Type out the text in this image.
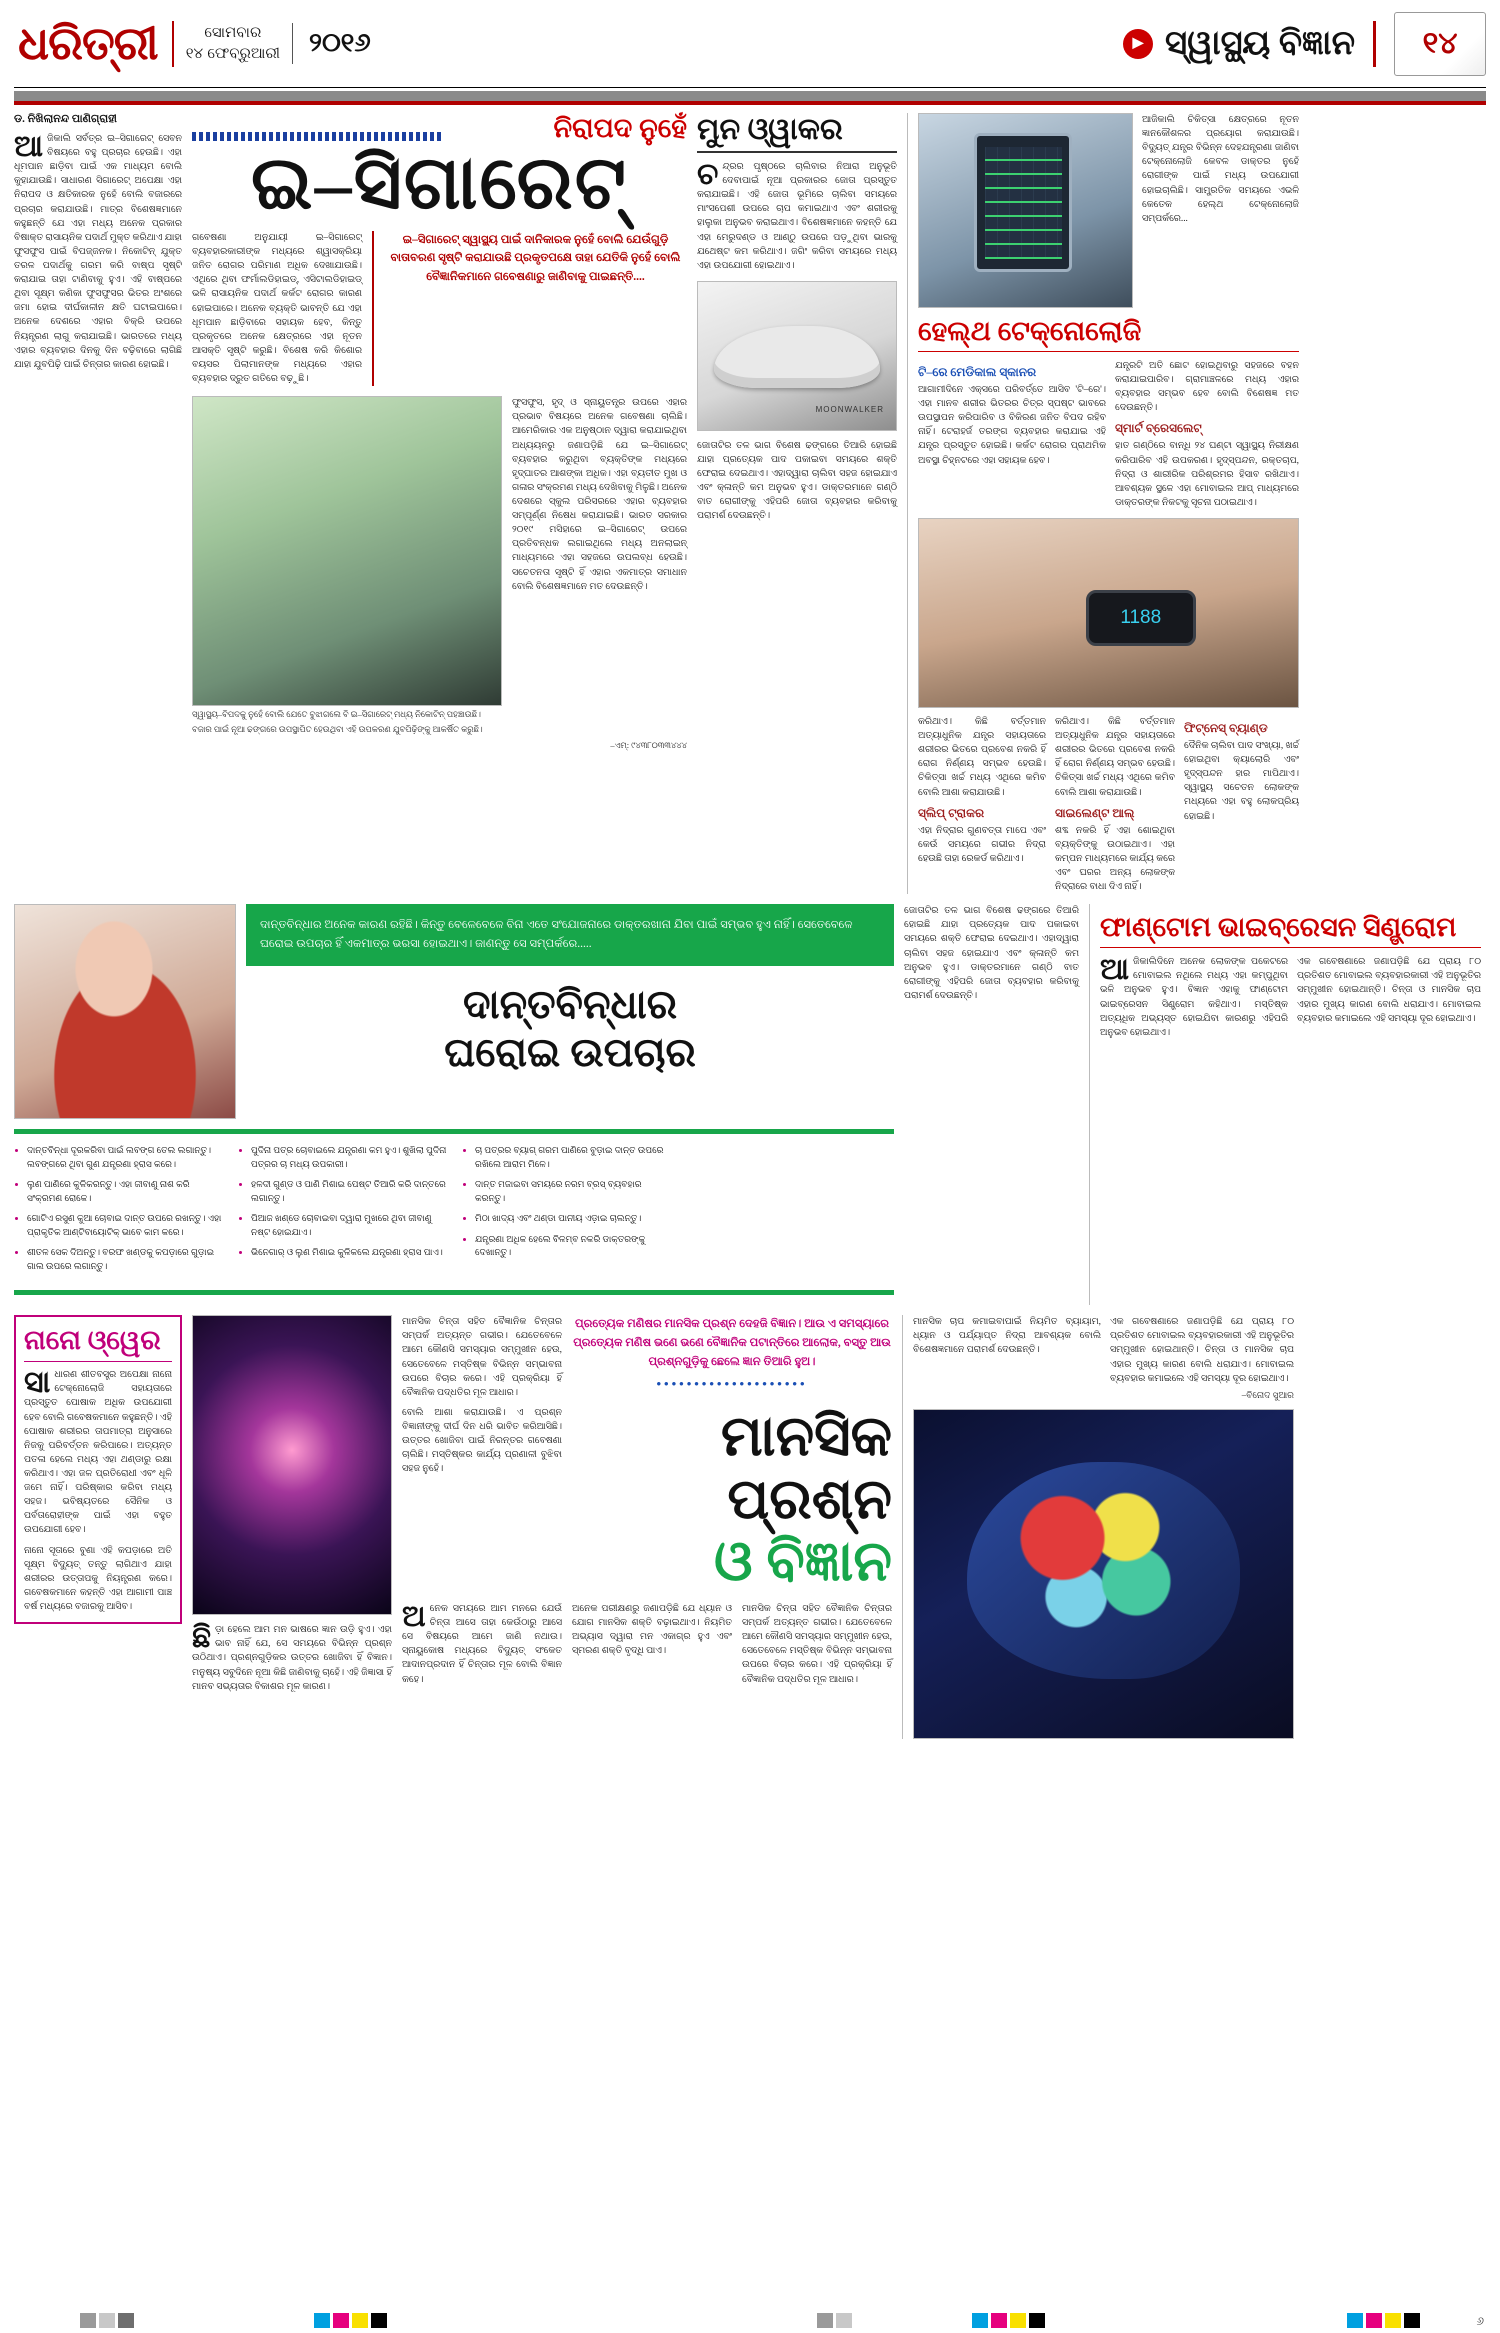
ଧରିତ୍ରୀ	ସୋମବାର
୧୪ ଫେବ୍ରୁଆରୀ	୨୦୧୬	▶ ସ୍ୱାସ୍ଥ୍ୟ ବିଜ୍ଞାନ	୧୪
ଡ. ନିଖିଲାନନ୍ଦ ପାଣିଗ୍ରାହୀ
ଆଜିକାଲି ସର୍ବତ୍ର ଇ–ସିଗାରେଟ୍ ସେବନ ବିଷୟରେ ବହୁ ପ୍ରଚାର ହେଉଛି। ଏହା ଧୂମପାନ ଛାଡ଼ିବା ପାଇଁ ଏକ ମାଧ୍ୟମ ବୋଲି କୁହାଯାଉଛି। ସାଧାରଣ ସିଗାରେଟ୍ ଅପେକ୍ଷା ଏହା ନିରାପଦ ଓ କ୍ଷତିକାରକ ନୁହେଁ ବୋଲି ବଜାରରେ ପ୍ରଚାର କରାଯାଉଛି। ମାତ୍ର ବିଶେଷଜ୍ଞମାନେ କହୁଛନ୍ତି ଯେ ଏହା ମଧ୍ୟ ଅନେକ ପ୍ରକାର ବିଷାକ୍ତ ରାସାୟନିକ ପଦାର୍ଥ ମୁକ୍ତ କରିଥାଏ ଯାହା ଫୁସଫୁସ ପାଇଁ ବିପଜ୍ଜନକ। ନିକୋଟିନ୍ ଯୁକ୍ତ ତରଳ ପଦାର୍ଥକୁ ଗରମ କରି ବାଷ୍ପ ସୃଷ୍ଟି କରାଯାଇ ତାହା ଟାଣିବାକୁ ହୁଏ। ଏହି ବାଷ୍ପରେ ଥିବା ସୂକ୍ଷ୍ମ କଣିକା ଫୁସଫୁସର ଭିତର ଅଂଶରେ ଜମା ହୋଇ ଦୀର୍ଘକାଳୀନ କ୍ଷତି ଘଟାଇପାରେ। ଅନେକ ଦେଶରେ ଏହାର ବିକ୍ରି ଉପରେ ନିୟନ୍ତ୍ରଣ ଲାଗୁ କରାଯାଇଛି। ଭାରତରେ ମଧ୍ୟ ଏହାର ବ୍ୟବହାର ଦିନକୁ ଦିନ ବଢ଼ିବାରେ ଲାଗିଛି ଯାହା ଯୁବପିଢ଼ି ପାଇଁ ଚିନ୍ତାର କାରଣ ହୋଇଛି।
ନିରାପଦ ନୁହେଁ
ଇ–ସିଗାରେଟ୍
ଗବେଷଣା ଅନୁଯାୟୀ ଇ–ସିଗାରେଟ୍ ବ୍ୟବହାରକାରୀଙ୍କ ମଧ୍ୟରେ ଶ୍ୱାସକ୍ରିୟା ଜନିତ ରୋଗର ପରିମାଣ ଅଧିକ ଦେଖାଯାଉଛି। ଏଥିରେ ଥିବା ଫର୍ମାଲଡିହାଇଡ୍, ଏସିଟାଲଡିହାଇଡ୍ ଭଳି ରାସାୟନିକ ପଦାର୍ଥ କର୍କଟ ରୋଗର କାରଣ ହୋଇପାରେ। ଅନେକ ବ୍ୟକ୍ତି ଭାବନ୍ତି ଯେ ଏହା ଧୂମପାନ ଛାଡ଼ିବାରେ ସହାୟକ ହେବ, କିନ୍ତୁ ପ୍ରକୃତରେ ଅନେକ କ୍ଷେତ୍ରରେ ଏହା ନୂତନ ଆସକ୍ତି ସୃଷ୍ଟି କରୁଛି। ବିଶେଷ କରି କିଶୋର ବୟସର ପିଲାମାନଙ୍କ ମଧ୍ୟରେ ଏହାର ବ୍ୟବହାର ଦ୍ରୁତ ଗତିରେ ବଢ଼ୁଛି।
ଇ–ସିଗାରେଟ୍ ସ୍ୱାସ୍ଥ୍ୟ ପାଇଁ ଦାନିକାରକ ନୁହେଁ ବୋଲି ଯେଉଁଗୁଡ଼ି ବାତାବରଣ ସୃଷ୍ଟି କରାଯାଉଛି ପ୍ରକୃତପକ୍ଷେ ତାହା ଯେତିକି ନୁହେଁ ବୋଲି ବୈଜ୍ଞାନିକମାନେ ଗବେଷଣାରୁ ଜାଣିବାକୁ ପାଇଛନ୍ତି....
ସ୍ୱାସ୍ଥ୍ୟ–ବିପଦକୁ ନୁହେଁ ବୋଲି ଯେତେ ବୁଝାଗଲେ ବି ଇ–ସିଗାରେଟ୍ ମଧ୍ୟ ନିକୋଟିନ୍ ପହଞ୍ଚାଉଛି।
ଫୁସଫୁସ, ହୃଦ୍ ଓ ସ୍ନାୟୁତନ୍ତ୍ର ଉପରେ ଏହାର ପ୍ରଭାବ ବିଷୟରେ ଅନେକ ଗବେଷଣା ଚାଲିଛି। ଆମେରିକାର ଏକ ଅନୁଷ୍ଠାନ ଦ୍ୱାରା କରାଯାଇଥିବା ଅଧ୍ୟୟନରୁ ଜଣାପଡ଼ିଛି ଯେ ଇ–ସିଗାରେଟ୍ ବ୍ୟବହାର କରୁଥିବା ବ୍ୟକ୍ତିଙ୍କ ମଧ୍ୟରେ ହୃଦ୍‌ଘାତର ଆଶଙ୍କା ଅଧିକ। ଏହା ବ୍ୟତୀତ ମୁଖ ଓ ଗଳାର ସଂକ୍ରମଣ ମଧ୍ୟ ଦେଖିବାକୁ ମିଳୁଛି। ଅନେକ ଦେଶରେ ସ୍କୁଲ ପରିସରରେ ଏହାର ବ୍ୟବହାର ସମ୍ପୂର୍ଣ୍ଣ ନିଷେଧ କରାଯାଇଛି। ଭାରତ ସରକାର ୨୦୧୯ ମସିହାରେ ଇ–ସିଗାରେଟ୍ ଉପରେ ପ୍ରତିବନ୍ଧକ ଲଗାଇଥିଲେ ମଧ୍ୟ ଅନଲାଇନ୍ ମାଧ୍ୟମରେ ଏହା ସହଜରେ ଉପଲବ୍ଧ ହେଉଛି। ସଚେତନତା ସୃଷ୍ଟି ହିଁ ଏହାର ଏକମାତ୍ର ସମାଧାନ ବୋଲି ବିଶେଷଜ୍ଞମାନେ ମତ ଦେଉଛନ୍ତି।
ବଜାର ପାଇଁ ନୂଆ ଢଙ୍ଗରେ ଉପସ୍ଥାପିତ ହେଉଥିବା ଏହି ଉପକରଣ ଯୁବପିଢ଼ିଙ୍କୁ ଆକର୍ଷିତ କରୁଛି।
–ଏମ୍: ୯୪୩୮୦୩୩୪୪୪
ମୁନ ଓ୍ୱାକର
ଚନ୍ଦ୍ରର ପୃଷ୍ଠରେ ଚାଲିବାର ନିଆରା ଅନୁଭୂତି ଦେବାପାଇଁ ନୂଆ ପ୍ରକାରର ଜୋତା ପ୍ରସ୍ତୁତ କରାଯାଇଛି। ଏହି ଜୋତା ଭୂମିରେ ଚାଲିବା ସମୟରେ ମାଂସପେଶୀ ଉପରେ ଚାପ କମାଇଥାଏ ଏବଂ ଶରୀରକୁ ହାଲୁକା ଅନୁଭବ କରାଇଥାଏ। ବିଶେଷଜ୍ଞମାନେ କହନ୍ତି ଯେ ଏହା ମେରୁଦଣ୍ଡ ଓ ଆଣ୍ଠୁ ଉପରେ ପଡ଼ୁଥିବା ଭାରକୁ ଯଥେଷ୍ଟ କମ କରିଥାଏ। ଜଗିଂ କରିବା ସମୟରେ ମଧ୍ୟ ଏହା ଉପଯୋଗୀ ହୋଇଥାଏ।
MOONWALKER
ଜୋତାଟିର ତଳ ଭାଗ ବିଶେଷ ଢଙ୍ଗରେ ତିଆରି ହୋଇଛି ଯାହା ପ୍ରତ୍ୟେକ ପାଦ ପକାଇବା ସମୟରେ ଶକ୍ତି ଫେରାଇ ଦେଇଥାଏ। ଏହାଦ୍ୱାରା ଚାଲିବା ସହଜ ହୋଇଯାଏ ଏବଂ କ୍ଳାନ୍ତି କମ ଅନୁଭବ ହୁଏ। ଡାକ୍ତରମାନେ ଗଣ୍ଠି ବାତ ରୋଗୀଙ୍କୁ ଏହିପରି ଜୋତା ବ୍ୟବହାର କରିବାକୁ ପରାମର୍ଶ ଦେଉଛନ୍ତି।
ଆଜିକାଲି ଚିକିତ୍ସା କ୍ଷେତ୍ରରେ ନୂତନ ଜ୍ଞାନକୌଶଳର ପ୍ରୟୋଗ କରାଯାଉଛି। ବିଦ୍ୟୁତ୍ ଯନ୍ତ୍ର ବିଭିନ୍ନ ଦେହଯନ୍ତ୍ରଣା ଜାଣିବା ଟେକ୍ନୋଲୋଜି କେବଳ ଡାକ୍ତର ନୁହେଁ ରୋଗୀଙ୍କ ପାଇଁ ମଧ୍ୟ ଉପଯୋଗୀ ହୋଇଚାଲିଛି। ସାମ୍ପ୍ରତିକ ସମୟରେ ଏଭଳି କେତେକ ହେଲ୍‌ଥ ଟେକ୍ନୋଲୋଜି ସମ୍ପର୍କରେ...
ହେଲ୍‌ଥ ଟେକ୍ନୋଲୋଜି
ଟି–ରେ ମେଡିକାଲ ସ୍କାନର
ଆଗାମୀଦିନେ ଏକ୍ସରେ ପରିବର୍ତ୍ତେ ଆସିବ 'ଟି–ରେ'। ଏହା ମାନବ ଶରୀର ଭିତରର ଚିତ୍ର ସ୍ପଷ୍ଟ ଭାବରେ ଉପସ୍ଥାପନ କରିପାରିବ ଓ ବିକିରଣ ଜନିତ ବିପଦ ରହିବ ନାହିଁ। ଟେରାହର୍ଜ ତରଙ୍ଗ ବ୍ୟବହାର କରାଯାଇ ଏହି ଯନ୍ତ୍ର ପ୍ରସ୍ତୁତ ହୋଇଛି। କର୍କଟ ରୋଗର ପ୍ରାଥମିକ ଅବସ୍ଥା ଚିହ୍ନଟରେ ଏହା ସହାୟକ ହେବ।
ଯନ୍ତ୍ରଟି ଅତି ଛୋଟ ହୋଇଥିବାରୁ ସହଜରେ ବହନ କରାଯାଇପାରିବ। ଗ୍ରାମାଞ୍ଚଳରେ ମଧ୍ୟ ଏହାର ବ୍ୟବହାର ସମ୍ଭବ ହେବ ବୋଲି ବିଶେଷଜ୍ଞ ମତ ଦେଉଛନ୍ତି।
ସ୍ମାର୍ଟ ବ୍ରେସଲେଟ୍
ହାତ ଗଣ୍ଠିରେ ବାନ୍ଧି ୨୪ ଘଣ୍ଟା ସ୍ୱାସ୍ଥ୍ୟ ନିରୀକ୍ଷଣ କରିପାରିବ ଏହି ଉପକରଣ। ହୃଦ୍‌ସ୍ପନ୍ଦନ, ରକ୍ତଚାପ, ନିଦ୍ରା ଓ ଶାରୀରିକ ପରିଶ୍ରମର ହିସାବ ରଖିଥାଏ। ଆବଶ୍ୟକ ସ୍ଥଳେ ଏହା ମୋବାଇଲ ଆପ୍ ମାଧ୍ୟମରେ ଡାକ୍ତରଙ୍କ ନିକଟକୁ ସୂଚନା ପଠାଇଥାଏ।
1188
କରିଥାଏ। କିଛି ବର୍ତ୍ତମାନ ଅତ୍ୟାଧୁନିକ ଯନ୍ତ୍ର ସହାୟତାରେ ଶରୀରର ଭିତରେ ପ୍ରବେଶ ନକରି ହିଁ ରୋଗ ନିର୍ଣ୍ଣୟ ସମ୍ଭବ ହେଉଛି। ଚିକିତ୍ସା ଖର୍ଚ୍ଚ ମଧ୍ୟ ଏଥିରେ କମିବ ବୋଲି ଆଶା କରାଯାଉଛି।
ସ୍ଲିପ୍ ଟ୍ରାକର
ଏହା ନିଦ୍ରାର ଗୁଣବତ୍ତା ମାପେ ଏବଂ କେଉଁ ସମୟରେ ଗଭୀର ନିଦ୍ରା ହେଉଛି ତାହା ରେକର୍ଡ କରିଥାଏ।
କରିଥାଏ। କିଛି ବର୍ତ୍ତମାନ ଅତ୍ୟାଧୁନିକ ଯନ୍ତ୍ର ସହାୟତାରେ ଶରୀରର ଭିତରେ ପ୍ରବେଶ ନକରି ହିଁ ରୋଗ ନିର୍ଣ୍ଣୟ ସମ୍ଭବ ହେଉଛି। ଚିକିତ୍ସା ଖର୍ଚ୍ଚ ମଧ୍ୟ ଏଥିରେ କମିବ ବୋଲି ଆଶା କରାଯାଉଛି।
ସାଇଲେଣ୍ଟ ଆଲ୍‌
ଶବ୍ଦ ନକରି ହିଁ ଏହା ଶୋଇଥିବା ବ୍ୟକ୍ତିଙ୍କୁ ଉଠାଇଥାଏ। ଏହା କମ୍ପନ ମାଧ୍ୟମରେ କାର୍ଯ୍ୟ କରେ ଏବଂ ଘରର ଅନ୍ୟ ଲୋକଙ୍କ ନିଦ୍ରାରେ ବାଧା ଦିଏ ନାହିଁ।
ଫିଟ୍‌ନେସ୍ ବ୍ୟାଣ୍ଡ
ଦୈନିକ ଚାଲିବା ପାଦ ସଂଖ୍ୟା, ଖର୍ଚ୍ଚ ହୋଇଥିବା କ୍ୟାଲୋରି ଏବଂ ହୃଦ୍‌ସ୍ପନ୍ଦନ ହାର ମାପିଥାଏ। ସ୍ୱାସ୍ଥ୍ୟ ସଚେତନ ଲୋକଙ୍କ ମଧ୍ୟରେ ଏହା ବହୁ ଲୋକପ୍ରିୟ ହୋଇଛି।
ଦାନ୍ତବିନ୍ଧାର ଅନେକ କାରଣ ରହିଛି। କିନ୍ତୁ ବେଳେବେଳେ ବିନା ଏତେ ସଂଯୋଜନାରେ ଡାକ୍ତରଖାନା ଯିବା ପାଇଁ ସମ୍ଭବ ହୁଏ ନାହିଁ। ସେତେବେଳେ ଘରୋଇ ଉପଚାର ହିଁ ଏକମାତ୍ର ଭରସା ହୋଇଥାଏ। ଜାଣନ୍ତୁ ସେ ସମ୍ପର୍କରେ.....
ଦାନ୍ତବିନ୍ଧାର
ଘରୋଇ ଉପଚାର
• ଦାନ୍ତବିନ୍ଧା ଦୂରକରିବା ପାଇଁ ଲବଙ୍ଗ ତେଲ ଲଗାନ୍ତୁ। ଲବଙ୍ଗରେ ଥିବା ଗୁଣ ଯନ୍ତ୍ରଣା ହ୍ରାସ କରେ।
• ଲୁଣ ପାଣିରେ କୁଳିକରନ୍ତୁ। ଏହା ଜୀବାଣୁ ନାଶ କରି ସଂକ୍ରମଣ ରୋକେ।
• ଗୋଟିଏ ରସୁଣ କୁଆ ଚୋବାଇ ଦାନ୍ତ ଉପରେ ରଖନ୍ତୁ। ଏହା ପ୍ରାକୃତିକ ଆଣ୍ଟିବାୟୋଟିକ୍ ଭାବେ କାମ କରେ।
• ଶୀତଳ ସେକ ଦିଅନ୍ତୁ। ବରଫ ଖଣ୍ଡକୁ କପଡ଼ାରେ ଗୁଡ଼ାଇ ଗାଲ ଉପରେ ଲଗାନ୍ତୁ।
• ପୁଦିନା ପତ୍ର ଚୋବାଇଲେ ଯନ୍ତ୍ରଣା କମ ହୁଏ। ଶୁଖିଲା ପୁଦିନା ପତ୍ରର ଚା ମଧ୍ୟ ଉପକାରୀ।
• ହଳଦୀ ଗୁଣ୍ଡ ଓ ପାଣି ମିଶାଇ ପେଷ୍ଟ ତିଆରି କରି ଦାନ୍ତରେ ଲଗାନ୍ତୁ।
• ପିଆଜ ଖଣ୍ଡେ ଚୋବାଇବା ଦ୍ୱାରା ମୁଖରେ ଥିବା ଜୀବାଣୁ ନଷ୍ଟ ହୋଇଯାଏ।
• ଭିନେଗାର୍ ଓ ଲୁଣ ମିଶାଇ କୁଳିକଲେ ଯନ୍ତ୍ରଣା ହ୍ରାସ ପାଏ।
• ଚା ପତ୍ରର ବ୍ୟାଗ୍ ଗରମ ପାଣିରେ ବୁଡ଼ାଇ ଦାନ୍ତ ଉପରେ ରଖିଲେ ଆରାମ ମିଳେ।
• ଦାନ୍ତ ମଜାଇବା ସମୟରେ ନରମ ବ୍ରସ୍ ବ୍ୟବହାର କରନ୍ତୁ।
• ମିଠା ଖାଦ୍ୟ ଏବଂ ଥଣ୍ଡା ପାନୀୟ ଏଡ଼ାଇ ଚାଲନ୍ତୁ।
• ଯନ୍ତ୍ରଣା ଅଧିକ ହେଲେ ବିଳମ୍ବ ନକରି ଡାକ୍ତରଙ୍କୁ ଦେଖାନ୍ତୁ।
ଜୋତାଟିର ତଳ ଭାଗ ବିଶେଷ ଢଙ୍ଗରେ ତିଆରି ହୋଇଛି ଯାହା ପ୍ରତ୍ୟେକ ପାଦ ପକାଇବା ସମୟରେ ଶକ୍ତି ଫେରାଇ ଦେଇଥାଏ। ଏହାଦ୍ୱାରା ଚାଲିବା ସହଜ ହୋଇଯାଏ ଏବଂ କ୍ଳାନ୍ତି କମ ଅନୁଭବ ହୁଏ। ଡାକ୍ତରମାନେ ଗଣ୍ଠି ବାତ ରୋଗୀଙ୍କୁ ଏହିପରି ଜୋତା ବ୍ୟବହାର କରିବାକୁ ପରାମର୍ଶ ଦେଉଛନ୍ତି।
ଫାଣ୍ଟୋମ ଭାଇବ୍ରେସନ ସିଣ୍ଡ୍ରୋମ
ଆଜିକାଲିଦିନେ ଅନେକ ଲୋକଙ୍କ ପକେଟରେ ମୋବାଇଲ ନଥିଲେ ମଧ୍ୟ ଏହା କମ୍ପୁଥିବା ଭଳି ଅନୁଭବ ହୁଏ। ବିଜ୍ଞାନ ଏହାକୁ ଫାଣ୍ଟୋମ ଭାଇବ୍ରେସନ ସିଣ୍ଡ୍ରୋମ କହିଥାଏ। ମସ୍ତିଷ୍କ ଅତ୍ୟଧିକ ଅଭ୍ୟସ୍ତ ହୋଇଯିବା କାରଣରୁ ଏହିପରି ଅନୁଭବ ହୋଇଥାଏ।
ଏକ ଗବେଷଣାରେ ଜଣାପଡ଼ିଛି ଯେ ପ୍ରାୟ ୮୦ ପ୍ରତିଶତ ମୋବାଇଲ ବ୍ୟବହାରକାରୀ ଏହି ଅନୁଭୂତିର ସମ୍ମୁଖୀନ ହୋଇଥାନ୍ତି। ଚିନ୍ତା ଓ ମାନସିକ ଚାପ ଏହାର ମୁଖ୍ୟ କାରଣ ବୋଲି ଧରାଯାଏ। ମୋବାଇଲ ବ୍ୟବହାର କମାଇଲେ ଏହି ସମସ୍ୟା ଦୂର ହୋଇଥାଏ।
ନାନୋ ଓ୍ୱେର
ସାଧାରଣ ଶୀତବସ୍ତ୍ର ଅପେକ୍ଷା ନାନୋ ଟେକ୍ନୋଲୋଜି ସହାୟତାରେ ପ୍ରସ୍ତୁତ ପୋଷାକ ଅଧିକ ଉପଯୋଗୀ ହେବ ବୋଲି ଗବେଷକମାନେ କହୁଛନ୍ତି। ଏହି ପୋଷାକ ଶରୀରର ତାପମାତ୍ରା ଅନୁସାରେ ନିଜକୁ ପରିବର୍ତ୍ତନ କରିପାରେ। ଅତ୍ୟନ୍ତ ପତଳା ହେଲେ ମଧ୍ୟ ଏହା ଥଣ୍ଡାରୁ ରକ୍ଷା କରିଥାଏ। ଏହା ଜଳ ପ୍ରତିରୋଧୀ ଏବଂ ଧୂଳି ଜମେ ନାହିଁ। ପରିଷ୍କାର କରିବା ମଧ୍ୟ ସହଜ। ଭବିଷ୍ୟତରେ ସୈନିକ ଓ ପର୍ବତାରୋହୀଙ୍କ ପାଇଁ ଏହା ବହୁତ ଉପଯୋଗୀ ହେବ।
ନାନୋ ସୂତାରେ ବୁଣା ଏହି କପଡ଼ାରେ ଅତି ସୂକ୍ଷ୍ମ ବିଦ୍ୟୁତ୍ ତନ୍ତୁ ଲାଗିଥାଏ ଯାହା ଶରୀରର ଉତ୍ତାପକୁ ନିୟନ୍ତ୍ରଣ କରେ। ଗବେଷକମାନେ କହନ୍ତି ଏହା ଆଗାମୀ ପାଞ୍ଚ ବର୍ଷ ମଧ୍ୟରେ ବଜାରକୁ ଆସିବ।
ଛିଡ଼ା ହେଲେ ଆମ ମନ ଭାଷରେ ଜ୍ଞାନ ଉଡ଼ି ହୁଏ। ଏହା ଭାବ ନାହିଁ ଯେ, ସେ ସମୟରେ ବିଭିନ୍ନ ପ୍ରଶ୍ନ ଉଠିଥାଏ। ପ୍ରଶ୍ନଗୁଡ଼ିକର ଉତ୍ତର ଖୋଜିବା ହିଁ ବିଜ୍ଞାନ। ମନୁଷ୍ୟ ସବୁଦିନେ ନୂଆ କିଛି ଜାଣିବାକୁ ଚାହେଁ। ଏହି ଜିଜ୍ଞାସା ହିଁ ମାନବ ସଭ୍ୟତାର ବିକାଶର ମୂଳ କାରଣ।
ମାନସିକ ଚିନ୍ତା ସହିତ ବୈଜ୍ଞାନିକ ଚିନ୍ତାର ସମ୍ପର୍କ ଅତ୍ୟନ୍ତ ଗଭୀର। ଯେତେବେଳେ ଆମେ କୌଣସି ସମସ୍ୟାର ସମ୍ମୁଖୀନ ହେଉ, ସେତେବେଳେ ମସ୍ତିଷ୍କ ବିଭିନ୍ନ ସମ୍ଭାବନା ଉପରେ ବିଚାର କରେ। ଏହି ପ୍ରକ୍ରିୟା ହିଁ ବୈଜ୍ଞାନିକ ପଦ୍ଧତିର ମୂଳ ଆଧାର।
ପ୍ରତ୍ୟେକ ମଣିଷର ମାନସିକ ପ୍ରଶ୍ନ ଦେହଜି ବିଜ୍ଞାନ। ଆଉ ଏ ସମସ୍ୟାରେ ପ୍ରତ୍ୟେକ ମଣିଷ ଭଣେ ଭଣେ ବୈଜ୍ଞାନିକ ପଟାନ୍ତିରେ ଆଲୋକ, ବସ୍ତୁ ଆଉ ପ୍ରଶ୍ନଗୁଡ଼ିକୁ ଛେଲେ ଜ୍ଞାନ ତିଆରି ହୁଅ।
••••••••••••••••••••
ବୋଲି ଆଶା କରାଯାଉଛି। ଏ ପ୍ରଶ୍ନ ବିଜ୍ଞାନୀଙ୍କୁ ଦୀର୍ଘ ଦିନ ଧରି ଭାବିତ କରିଆସିଛି। ଉତ୍ତର ଖୋଜିବା ପାଇଁ ନିରନ୍ତର ଗବେଷଣା ଚାଲିଛି। ମସ୍ତିଷ୍କର କାର୍ଯ୍ୟ ପ୍ରଣାଳୀ ବୁଝିବା ସହଜ ନୁହେଁ।
ମାନସିକ ପ୍ରଶ୍ନ
ଓ ବିଜ୍ଞାନ
ଅନେକ ସମୟରେ ଆମ ମନରେ ଯେଉଁ ଚିନ୍ତା ଆସେ ତାହା କେଉଁଠାରୁ ଆସେ ସେ ବିଷୟରେ ଆମେ ଜାଣି ନଥାଉ। ସ୍ନାୟୁକୋଷ ମଧ୍ୟରେ ବିଦ୍ୟୁତ୍ ସଂକେତ ଆଦାନପ୍ରଦାନ ହିଁ ଚିନ୍ତାର ମୂଳ ବୋଲି ବିଜ୍ଞାନ କହେ।
ଅନେକ ପରୀକ୍ଷଣରୁ ଜଣାପଡ଼ିଛି ଯେ ଧ୍ୟାନ ଓ ଯୋଗ ମାନସିକ ଶକ୍ତି ବଢ଼ାଇଥାଏ। ନିୟମିତ ଅଭ୍ୟାସ ଦ୍ୱାରା ମନ ଏକାଗ୍ର ହୁଏ ଏବଂ ସ୍ମରଣ ଶକ୍ତି ବୃଦ୍ଧି ପାଏ।
ମାନସିକ ଚିନ୍ତା ସହିତ ବୈଜ୍ଞାନିକ ଚିନ୍ତାର ସମ୍ପର୍କ ଅତ୍ୟନ୍ତ ଗଭୀର। ଯେତେବେଳେ ଆମେ କୌଣସି ସମସ୍ୟାର ସମ୍ମୁଖୀନ ହେଉ, ସେତେବେଳେ ମସ୍ତିଷ୍କ ବିଭିନ୍ନ ସମ୍ଭାବନା ଉପରେ ବିଚାର କରେ। ଏହି ପ୍ରକ୍ରିୟା ହିଁ ବୈଜ୍ଞାନିକ ପଦ୍ଧତିର ମୂଳ ଆଧାର।
ମାନସିକ ଚାପ କମାଇବାପାଇଁ ନିୟମିତ ବ୍ୟାୟାମ, ଧ୍ୟାନ ଓ ପର୍ଯ୍ୟାପ୍ତ ନିଦ୍ରା ଆବଶ୍ୟକ ବୋଲି ବିଶେଷଜ୍ଞମାନେ ପରାମର୍ଶ ଦେଉଛନ୍ତି।
ଏକ ଗବେଷଣାରେ ଜଣାପଡ଼ିଛି ଯେ ପ୍ରାୟ ୮୦ ପ୍ରତିଶତ ମୋବାଇଲ ବ୍ୟବହାରକାରୀ ଏହି ଅନୁଭୂତିର ସମ୍ମୁଖୀନ ହୋଇଥାନ୍ତି। ଚିନ୍ତା ଓ ମାନସିକ ଚାପ ଏହାର ମୁଖ୍ୟ କାରଣ ବୋଲି ଧରାଯାଏ। ମୋବାଇଲ ବ୍ୟବହାର କମାଇଲେ ଏହି ସମସ୍ୟା ଦୂର ହୋଇଥାଏ।
–ବିନୋଦ ସୁଆର
୬
